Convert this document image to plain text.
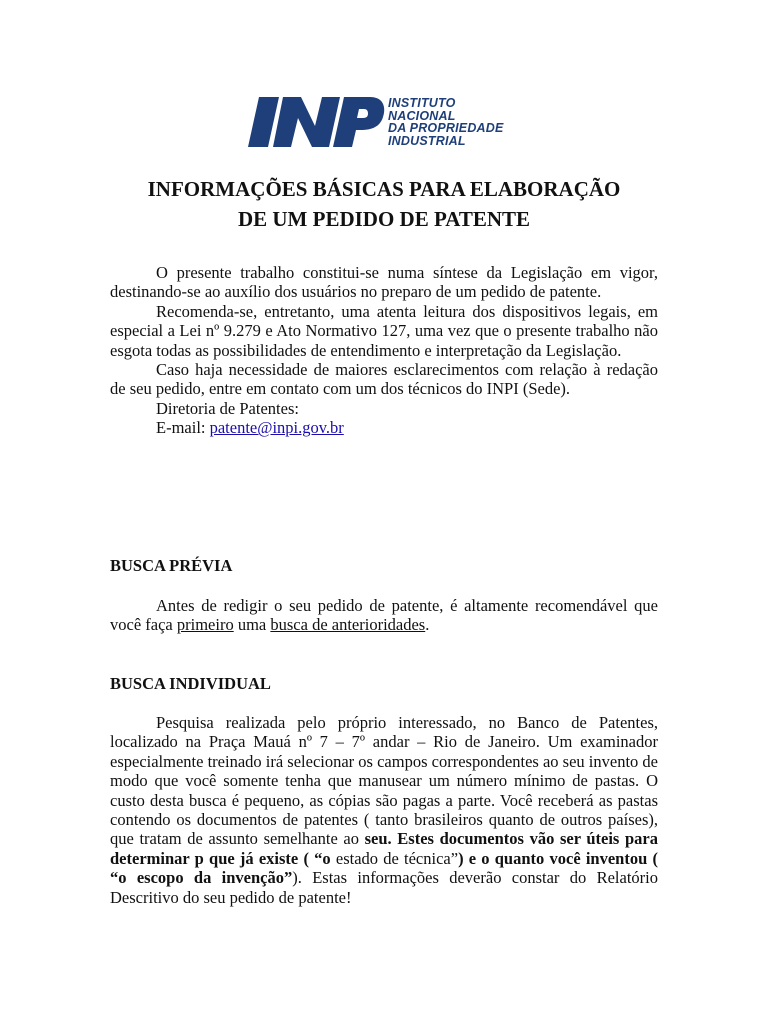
INSTITUTO
NACIONAL
DA PROPRIEDADE
INDUSTRIAL
INFORMAÇÕES BÁSICAS PARA ELABORAÇÃO
DE UM PEDIDO DE PATENTE

O presente trabalho constitui-se numa síntese da Legislação em vigor, destinando-se ao auxílio dos usuários no preparo de um pedido de patente.

Recomenda-se, entretanto, uma atenta leitura dos dispositivos legais, em especial a Lei nº 9.279 e Ato Normativo 127, uma vez que o presente trabalho não esgota todas as possibilidades de entendimento e interpretação da Legislação.

Caso haja necessidade de maiores esclarecimentos com relação à redação de seu pedido, entre em contato com um dos técnicos do INPI (Sede).

Diretoria de Patentes:
E-mail: patente@inpi.gov.br
BUSCA PRÉVIA

Antes de redigir o seu pedido de patente, é altamente recomendável que você faça primeiro uma busca de anterioridades.

BUSCA INDIVIDUAL

Pesquisa realizada pelo próprio interessado, no Banco de Patentes, localizado na Praça Mauá nº 7 – 7º andar – Rio de Janeiro. Um examinador especialmente treinado irá selecionar os campos correspondentes ao seu invento de modo que você somente tenha que manusear um número mínimo de pastas. O custo desta busca é pequeno, as cópias são pagas a parte. Você receberá as pastas contendo os documentos de patentes ( tanto brasileiros quanto de outros países), que tratam de assunto semelhante ao seu. Estes documentos vão ser úteis para determinar p que já existe ( “o estado de técnica”) e o quanto você inventou ( “o escopo da invenção”). Estas informações deverão constar do Relatório Descritivo do seu pedido de patente!
